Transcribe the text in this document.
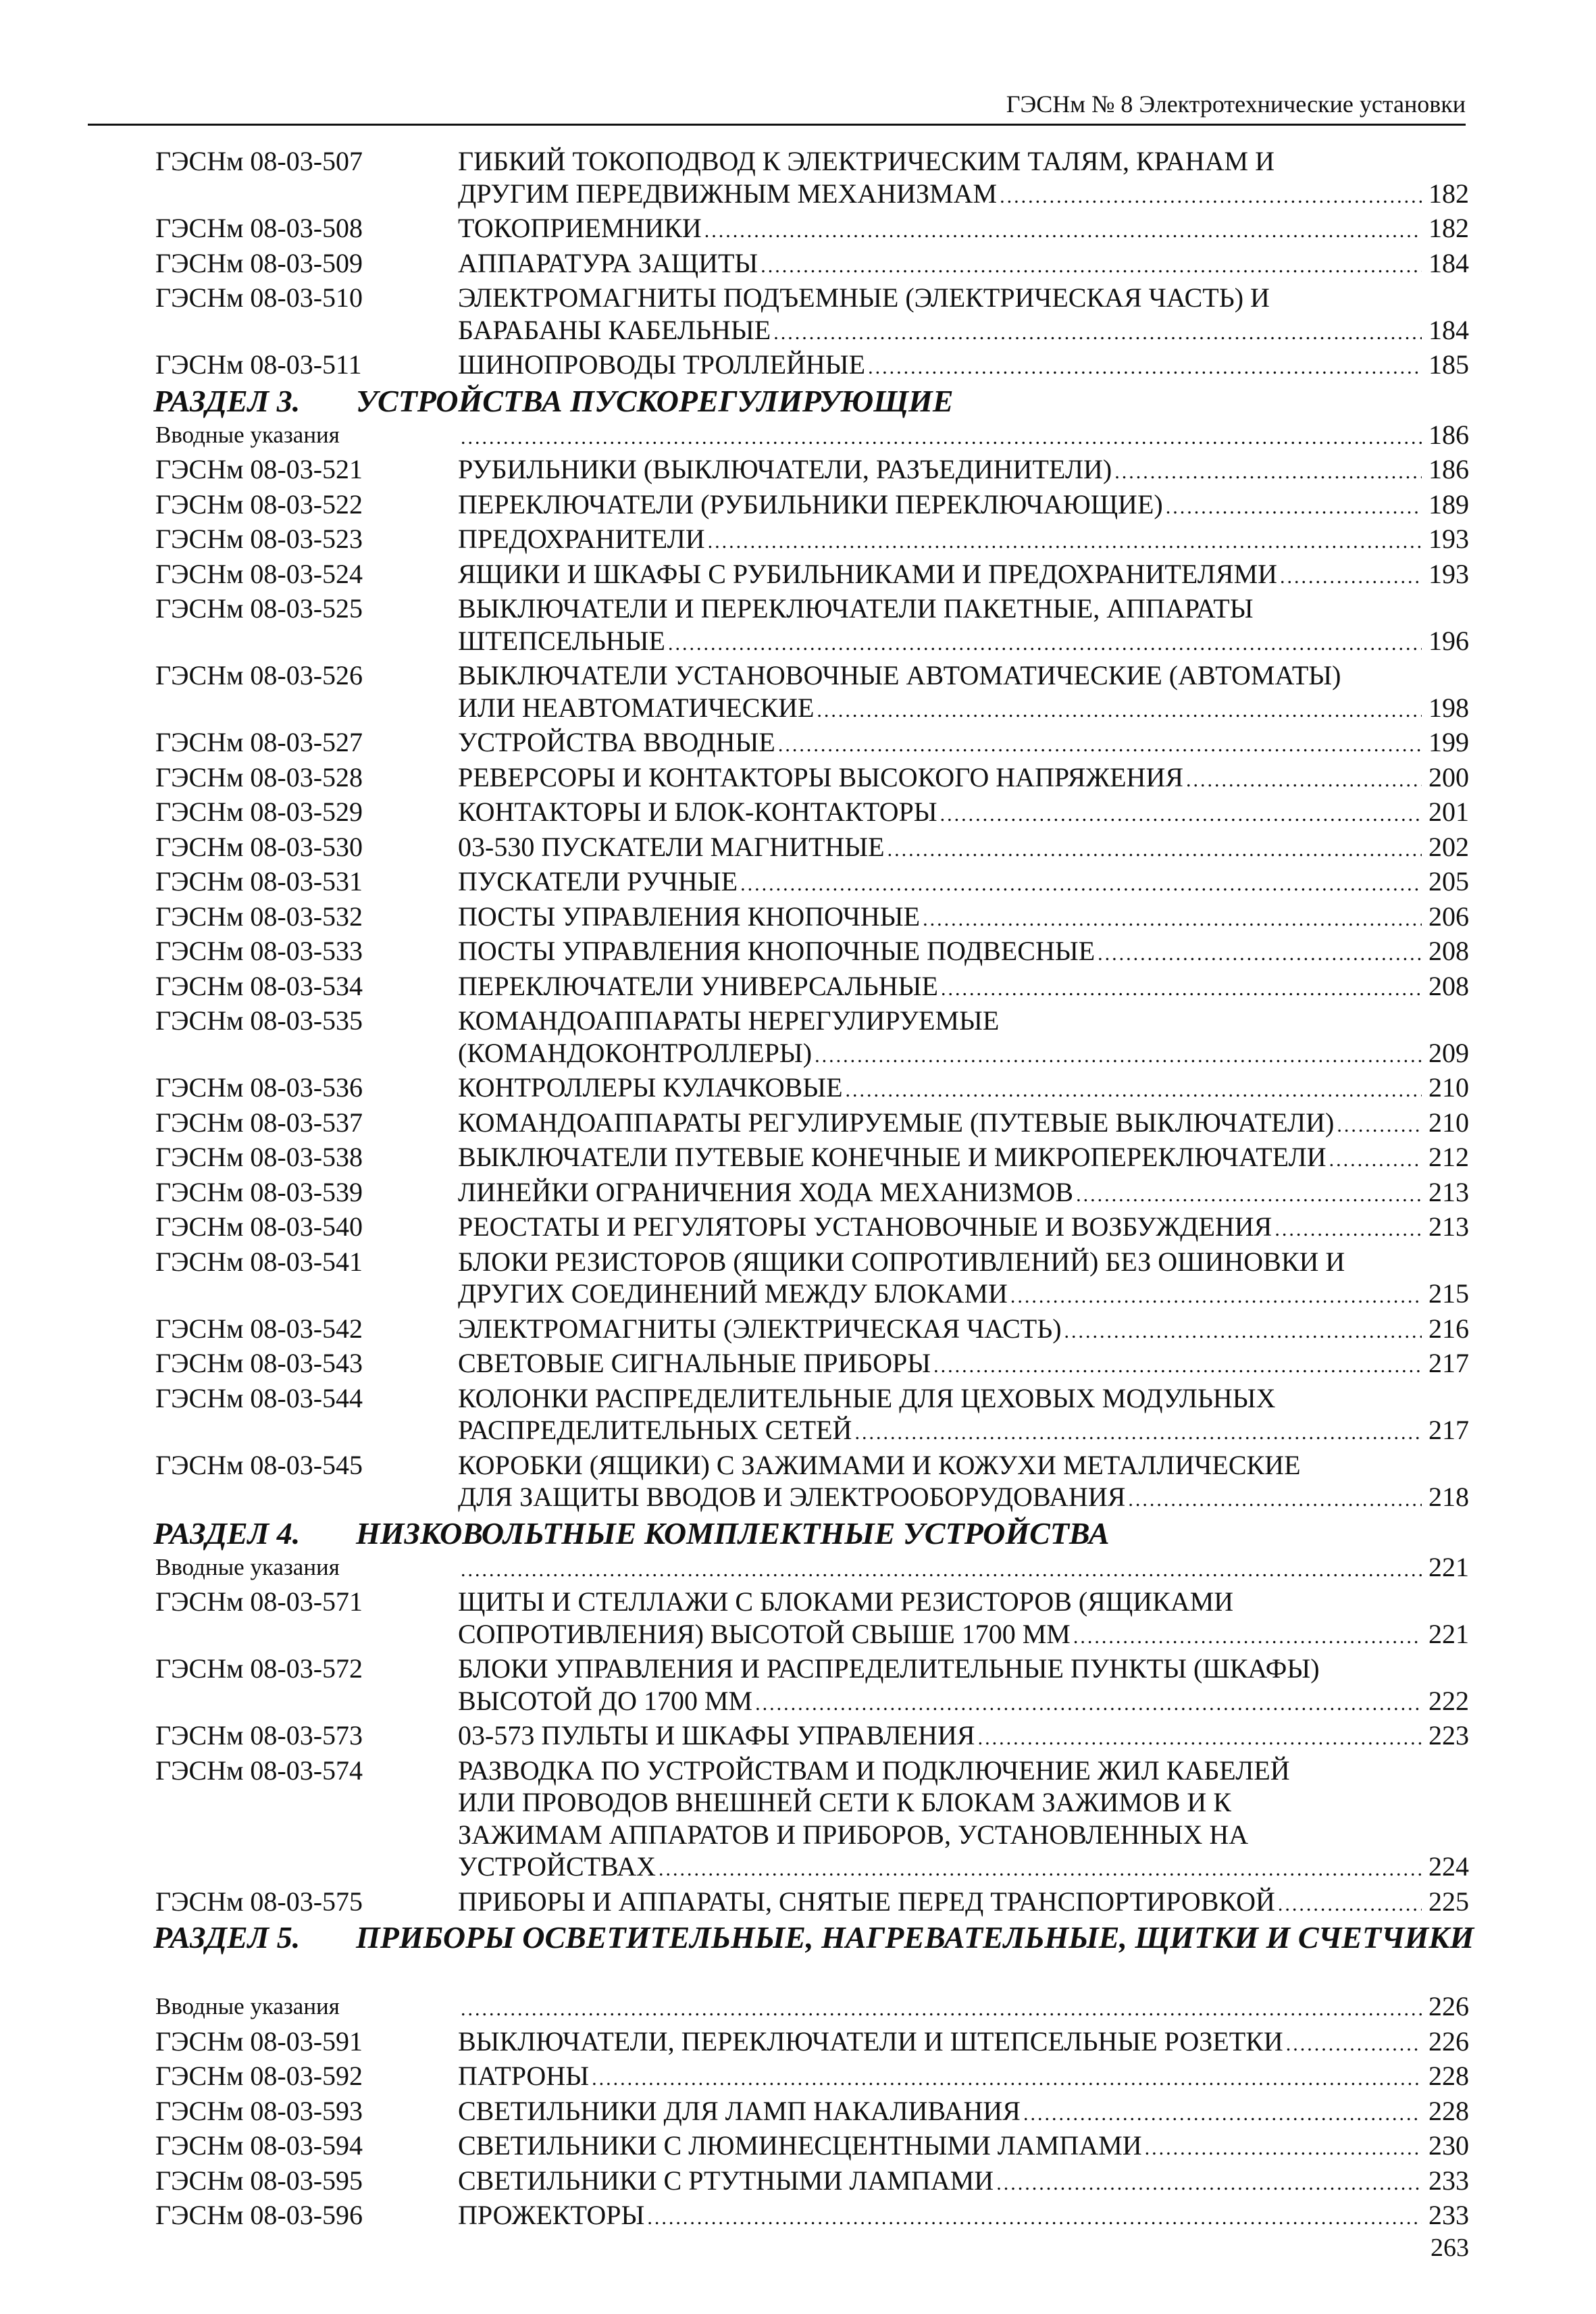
ГЭСНм № 8 Электротехнические установки
ГЭСНм 08-03-507	ГИБКИЙ ТОКОПОДВОД К ЭЛЕКТРИЧЕСКИМ ТАЛЯМ, КРАНАМ И
ДРУГИМ ПЕРЕДВИЖНЫМ МЕХАНИЗМАМ .....	182
ГЭСНм 08-03-508	ТОКОПРИЕМНИКИ .....	182
ГЭСНм 08-03-509	АППАРАТУРА ЗАЩИТЫ .....	184
ГЭСНм 08-03-510	ЭЛЕКТРОМАГНИТЫ ПОДЪЕМНЫЕ (ЭЛЕКТРИЧЕСКАЯ ЧАСТЬ) И
БАРАБАНЫ КАБЕЛЬНЫЕ .....	184
ГЭСНм 08-03-511	ШИНОПРОВОДЫ ТРОЛЛЕЙНЫЕ .....	185
РАЗДЕЛ 3. УСТРОЙСТВА ПУСКОРЕГУЛИРУЮЩИЕ
Вводные указания .....	186
ГЭСНм 08-03-521	РУБИЛЬНИКИ (ВЫКЛЮЧАТЕЛИ, РАЗЪЕДИНИТЕЛИ) .....	186
ГЭСНм 08-03-522	ПЕРЕКЛЮЧАТЕЛИ (РУБИЛЬНИКИ ПЕРЕКЛЮЧАЮЩИЕ) .....	189
ГЭСНм 08-03-523	ПРЕДОХРАНИТЕЛИ .....	193
ГЭСНм 08-03-524	ЯЩИКИ И ШКАФЫ С РУБИЛЬНИКАМИ И ПРЕДОХРАНИТЕЛЯМИ .....	193
ГЭСНм 08-03-525	ВЫКЛЮЧАТЕЛИ И ПЕРЕКЛЮЧАТЕЛИ ПАКЕТНЫЕ, АППАРАТЫ
ШТЕПСЕЛЬНЫЕ .....	196
ГЭСНм 08-03-526	ВЫКЛЮЧАТЕЛИ УСТАНОВОЧНЫЕ АВТОМАТИЧЕСКИЕ (АВТОМАТЫ)
ИЛИ НЕАВТОМАТИЧЕСКИЕ .....	198
ГЭСНм 08-03-527	УСТРОЙСТВА ВВОДНЫЕ .....	199
ГЭСНм 08-03-528	РЕВЕРСОРЫ И КОНТАКТОРЫ ВЫСОКОГО НАПРЯЖЕНИЯ .....	200
ГЭСНм 08-03-529	КОНТАКТОРЫ И БЛОК-КОНТАКТОРЫ .....	201
ГЭСНм 08-03-530	03-530 ПУСКАТЕЛИ МАГНИТНЫЕ .....	202
ГЭСНм 08-03-531	ПУСКАТЕЛИ РУЧНЫЕ .....	205
ГЭСНм 08-03-532	ПОСТЫ УПРАВЛЕНИЯ КНОПОЧНЫЕ .....	206
ГЭСНм 08-03-533	ПОСТЫ УПРАВЛЕНИЯ КНОПОЧНЫЕ ПОДВЕСНЫЕ .....	208
ГЭСНм 08-03-534	ПЕРЕКЛЮЧАТЕЛИ УНИВЕРСАЛЬНЫЕ .....	208
ГЭСНм 08-03-535	КОМАНДОАППАРАТЫ НЕРЕГУЛИРУЕМЫЕ
(КОМАНДОКОНТРОЛЛЕРЫ) .....	209
ГЭСНм 08-03-536	КОНТРОЛЛЕРЫ КУЛАЧКОВЫЕ .....	210
ГЭСНм 08-03-537	КОМАНДОАППАРАТЫ РЕГУЛИРУЕМЫЕ (ПУТЕВЫЕ ВЫКЛЮЧАТЕЛИ) .....	210
ГЭСНм 08-03-538	ВЫКЛЮЧАТЕЛИ ПУТЕВЫЕ КОНЕЧНЫЕ И МИКРОПЕРЕКЛЮЧАТЕЛИ .....	212
ГЭСНм 08-03-539	ЛИНЕЙКИ ОГРАНИЧЕНИЯ ХОДА МЕХАНИЗМОВ .....	213
ГЭСНм 08-03-540	РЕОСТАТЫ И РЕГУЛЯТОРЫ УСТАНОВОЧНЫЕ И ВОЗБУЖДЕНИЯ .....	213
ГЭСНм 08-03-541	БЛОКИ РЕЗИСТОРОВ (ЯЩИКИ СОПРОТИВЛЕНИЙ) БЕЗ ОШИНОВКИ И
ДРУГИХ СОЕДИНЕНИЙ МЕЖДУ БЛОКАМИ .....	215
ГЭСНм 08-03-542	ЭЛЕКТРОМАГНИТЫ (ЭЛЕКТРИЧЕСКАЯ ЧАСТЬ) .....	216
ГЭСНм 08-03-543	СВЕТОВЫЕ СИГНАЛЬНЫЕ ПРИБОРЫ .....	217
ГЭСНм 08-03-544	КОЛОНКИ РАСПРЕДЕЛИТЕЛЬНЫЕ ДЛЯ ЦЕХОВЫХ МОДУЛЬНЫХ
РАСПРЕДЕЛИТЕЛЬНЫХ СЕТЕЙ .....	217
ГЭСНм 08-03-545	КОРОБКИ (ЯЩИКИ) С ЗАЖИМАМИ И КОЖУХИ МЕТАЛЛИЧЕСКИЕ
ДЛЯ ЗАЩИТЫ ВВОДОВ И ЭЛЕКТРООБОРУДОВАНИЯ .....	218
РАЗДЕЛ 4. НИЗКОВОЛЬТНЫЕ КОМПЛЕКТНЫЕ УСТРОЙСТВА
Вводные указания .....	221
ГЭСНм 08-03-571	ЩИТЫ И СТЕЛЛАЖИ С БЛОКАМИ РЕЗИСТОРОВ (ЯЩИКАМИ
СОПРОТИВЛЕНИЯ) ВЫСОТОЙ СВЫШЕ 1700 ММ .....	221
ГЭСНм 08-03-572	БЛОКИ УПРАВЛЕНИЯ И РАСПРЕДЕЛИТЕЛЬНЫЕ ПУНКТЫ (ШКАФЫ)
ВЫСОТОЙ ДО 1700 ММ .....	222
ГЭСНм 08-03-573	03-573 ПУЛЬТЫ И ШКАФЫ УПРАВЛЕНИЯ .....	223
ГЭСНм 08-03-574	РАЗВОДКА ПО УСТРОЙСТВАМ И ПОДКЛЮЧЕНИЕ ЖИЛ КАБЕЛЕЙ
ИЛИ ПРОВОДОВ ВНЕШНЕЙ СЕТИ К БЛОКАМ ЗАЖИМОВ И К
ЗАЖИМАМ АППАРАТОВ И ПРИБОРОВ, УСТАНОВЛЕННЫХ НА
УСТРОЙСТВАХ .....	224
ГЭСНм 08-03-575	ПРИБОРЫ И АППАРАТЫ, СНЯТЫЕ ПЕРЕД ТРАНСПОРТИРОВКОЙ .....	225
РАЗДЕЛ 5. ПРИБОРЫ ОСВЕТИТЕЛЬНЫЕ, НАГРЕВАТЕЛЬНЫЕ, ЩИТКИ И СЧЕТЧИКИ
Вводные указания .....	226
ГЭСНм 08-03-591	ВЫКЛЮЧАТЕЛИ, ПЕРЕКЛЮЧАТЕЛИ И ШТЕПСЕЛЬНЫЕ РОЗЕТКИ .....	226
ГЭСНм 08-03-592	ПАТРОНЫ .....	228
ГЭСНм 08-03-593	СВЕТИЛЬНИКИ ДЛЯ ЛАМП НАКАЛИВАНИЯ .....	228
ГЭСНм 08-03-594	СВЕТИЛЬНИКИ С ЛЮМИНЕСЦЕНТНЫМИ ЛАМПАМИ .....	230
ГЭСНм 08-03-595	СВЕТИЛЬНИКИ С РТУТНЫМИ ЛАМПАМИ .....	233
ГЭСНм 08-03-596	ПРОЖЕКТОРЫ .....	233
263
